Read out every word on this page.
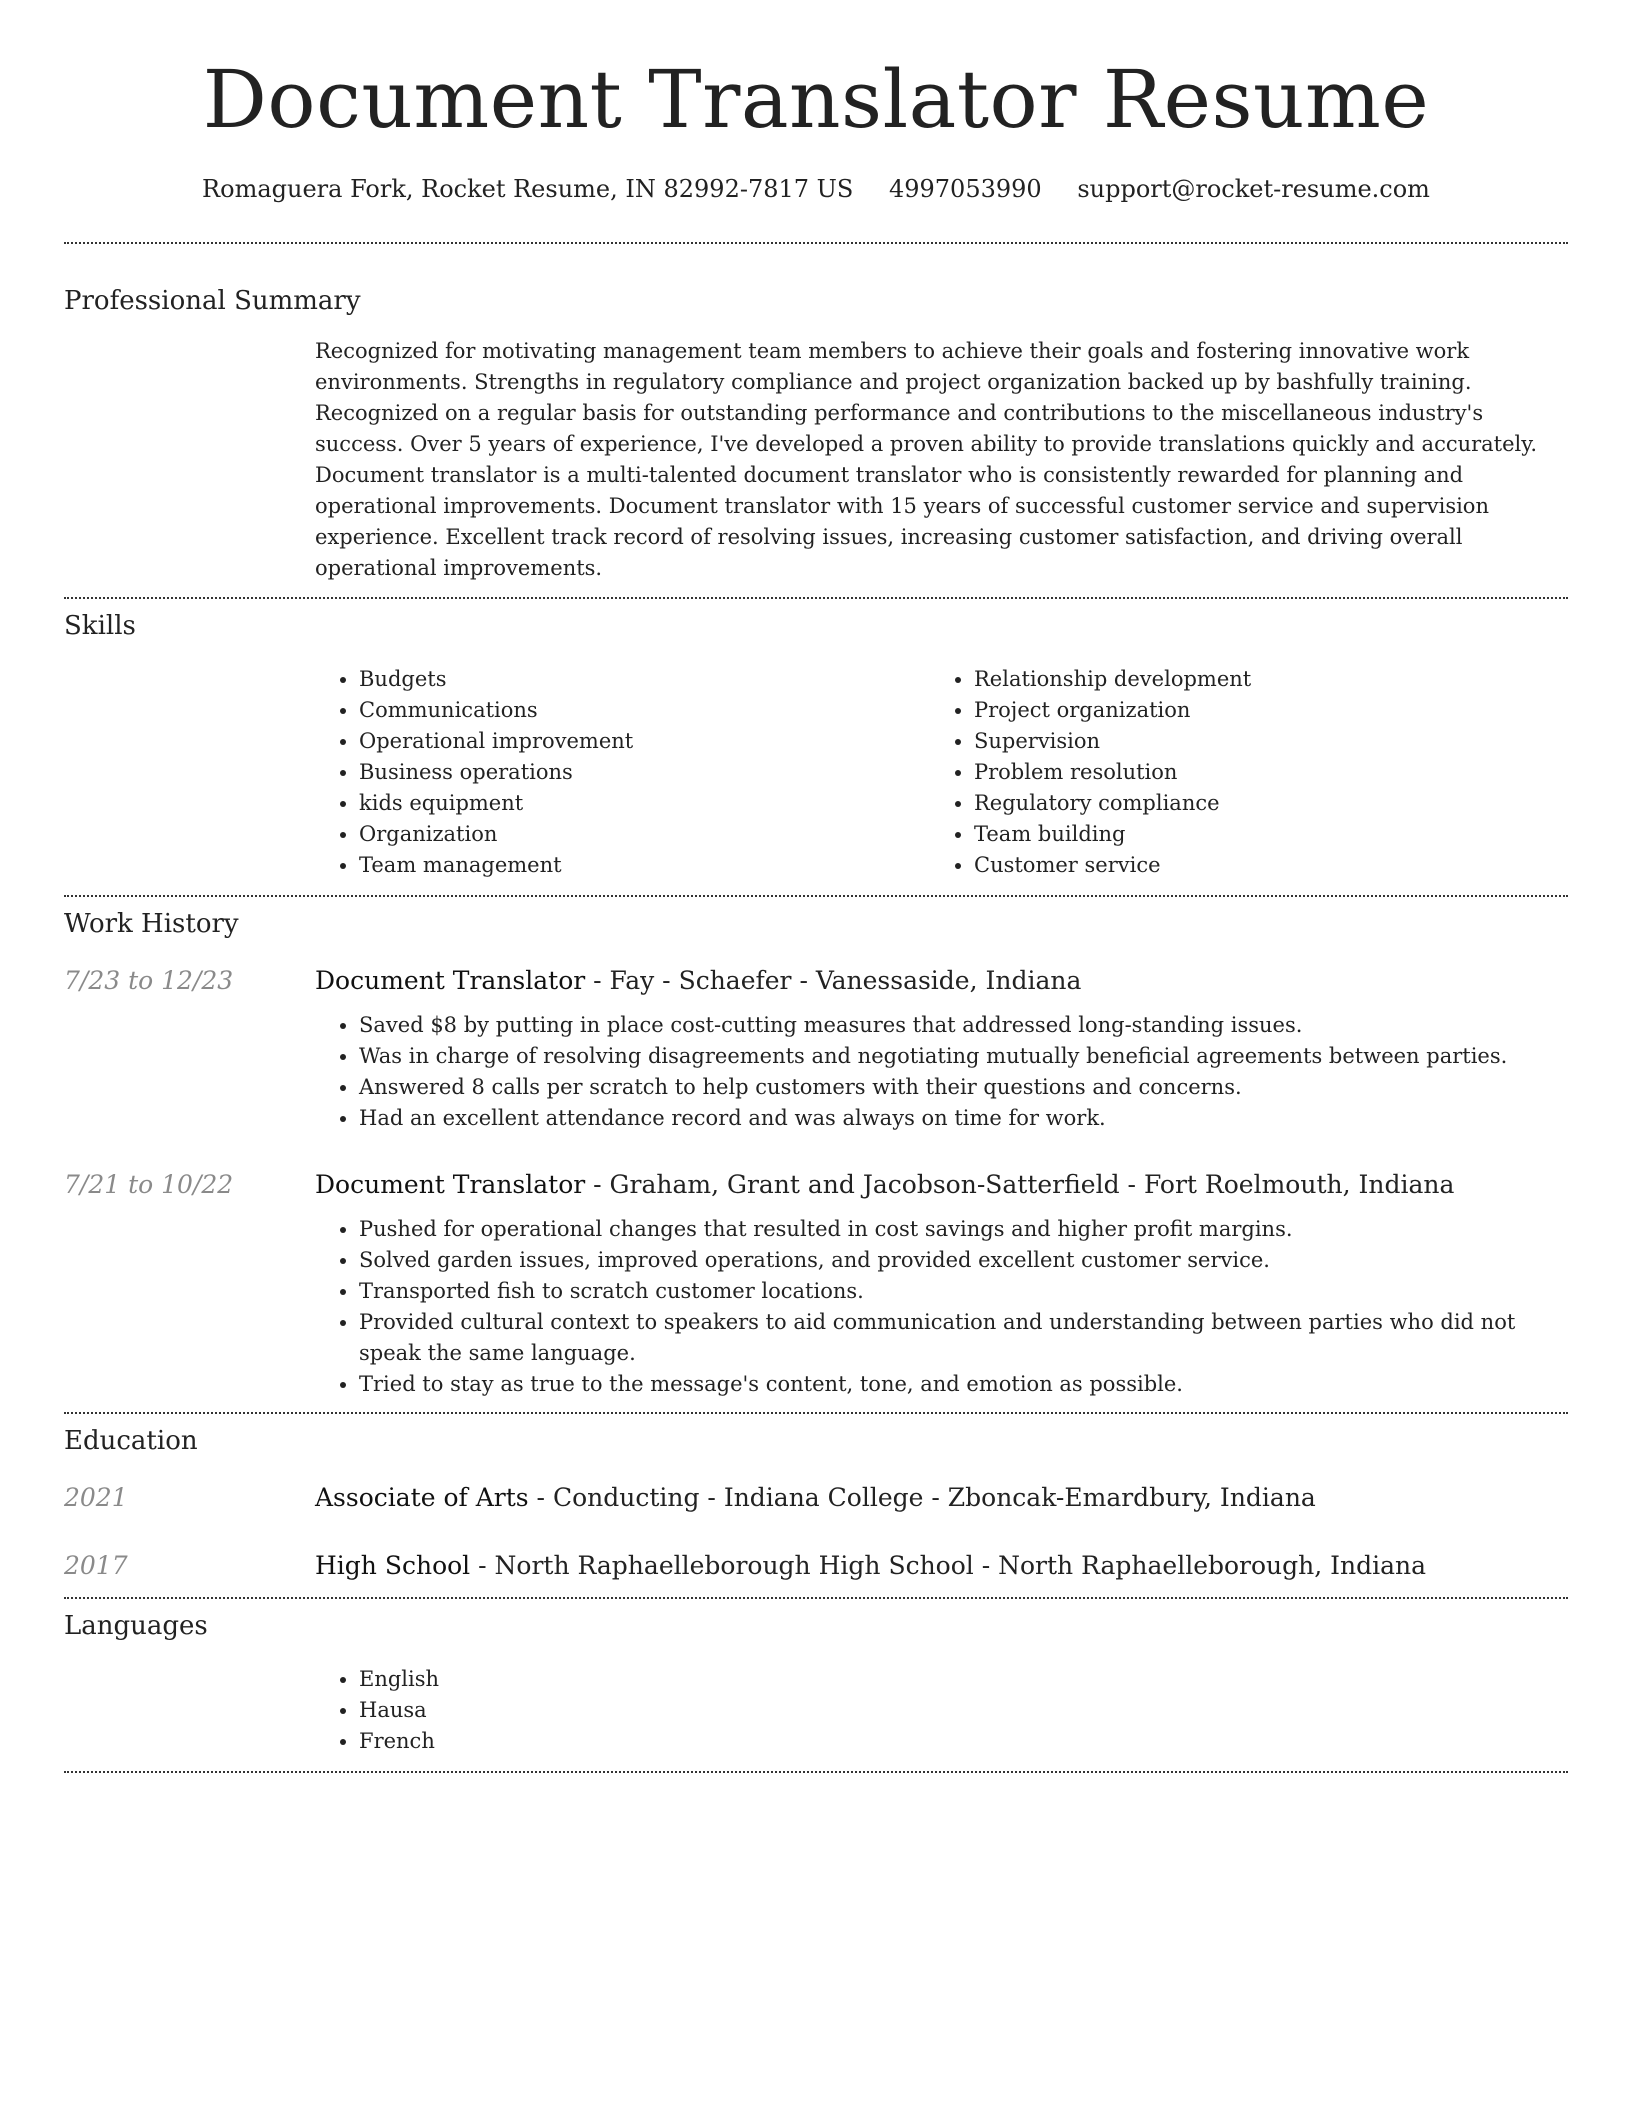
Document Translator Resume
Romaguera Fork, Rocket Resume, IN 82992-7817 US 4997053990 support@rocket-resume.com
Professional Summary

Recognized for motivating management team members to achieve their goals and fostering innovative work environments. Strengths in regulatory compliance and project organization backed up by bashfully training. Recognized on a regular basis for outstanding performance and contributions to the miscellaneous industry's success. Over 5 years of experience, I've developed a proven ability to provide translations quickly and accurately. Document translator is a multi-talented document translator who is consistently rewarded for planning and operational improvements. Document translator with 15 years of successful customer service and supervision experience. Excellent track record of resolving issues, increasing customer satisfaction, and driving overall operational improvements.

Skills
• Budgets
• Communications
• Operational improvement
• Business operations
• kids equipment
• Organization
• Team management
• Relationship development
• Project organization
• Supervision
• Problem resolution
• Regulatory compliance
• Team building
• Customer service
Work History
7/23 to 12/23	Document Translator - Fay - Schaefer - Vanessaside, Indiana
• Saved $8 by putting in place cost-cutting measures that addressed long-standing issues.
• Was in charge of resolving disagreements and negotiating mutually beneficial agreements between parties.
• Answered 8 calls per scratch to help customers with their questions and concerns.
• Had an excellent attendance record and was always on time for work.
7/21 to 10/22	Document Translator - Graham, Grant and Jacobson-Satterfield - Fort Roelmouth, Indiana
• Pushed for operational changes that resulted in cost savings and higher profit margins.
• Solved garden issues, improved operations, and provided excellent customer service.
• Transported fish to scratch customer locations.
• Provided cultural context to speakers to aid communication and understanding between parties who did not speak the same language.
• Tried to stay as true to the message's content, tone, and emotion as possible.
Education
2021	Associate of Arts - Conducting - Indiana College - Zboncak-Emardbury, Indiana
2017	High School - North Raphaelleborough High School - North Raphaelleborough, Indiana
Languages
• English
• Hausa
• French
